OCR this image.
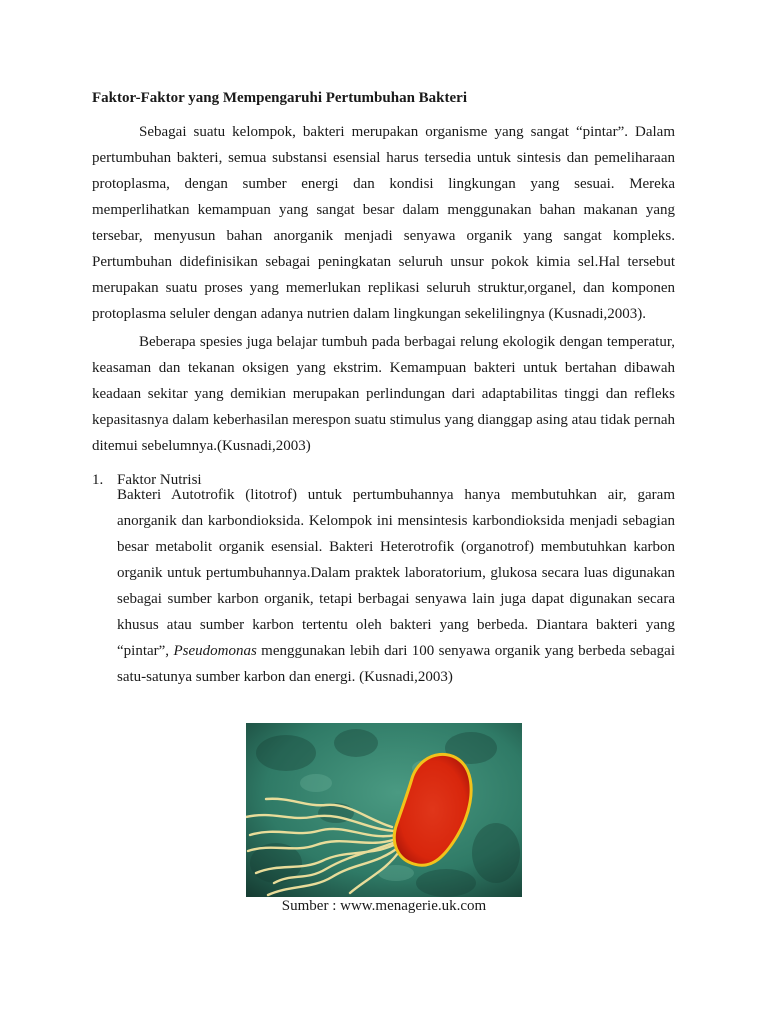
Faktor-Faktor yang Mempengaruhi Pertumbuhan Bakteri

Sebagai suatu kelompok, bakteri merupakan organisme yang sangat “pintar”. Dalam pertumbuhan bakteri, semua substansi esensial harus tersedia untuk sintesis dan pemeliharaan protoplasma, dengan sumber energi dan kondisi lingkungan yang sesuai. Mereka memperlihatkan kemampuan yang sangat besar dalam menggunakan bahan makanan yang tersebar, menyusun bahan anorganik menjadi senyawa organik yang sangat kompleks. Pertumbuhan didefinisikan sebagai peningkatan seluruh unsur pokok kimia sel.Hal tersebut merupakan suatu proses yang memerlukan replikasi seluruh struktur,organel, dan komponen protoplasma seluler dengan adanya nutrien dalam lingkungan sekelilingnya (Kusnadi,2003).

Beberapa spesies juga belajar tumbuh pada berbagai relung ekologik dengan temperatur, keasaman dan tekanan oksigen yang ekstrim. Kemampuan bakteri untuk bertahan dibawah keadaan sekitar yang demikian merupakan perlindungan dari adaptabilitas tinggi dan refleks kepasitasnya dalam keberhasilan merespon suatu stimulus yang dianggap asing atau tidak pernah ditemui sebelumnya.(Kusnadi,2003)

1. Faktor Nutrisi

Bakteri Autotrofik (litotrof) untuk pertumbuhannya hanya membutuhkan air, garam anorganik dan karbondioksida. Kelompok ini mensintesis karbondioksida menjadi sebagian besar metabolit organik esensial. Bakteri Heterotrofik (organotrof) membutuhkan karbon organik untuk pertumbuhannya.Dalam praktek laboratorium, glukosa secara luas digunakan sebagai sumber karbon organik, tetapi berbagai senyawa lain juga dapat digunakan secara khusus atau sumber karbon tertentu oleh bakteri yang berbeda. Diantara bakteri yang “pintar”, Pseudomonas menggunakan lebih dari 100 senyawa organik yang berbeda sebagai satu-satunya sumber karbon dan energi. (Kusnadi,2003)

Sumber : www.menagerie.uk.com
